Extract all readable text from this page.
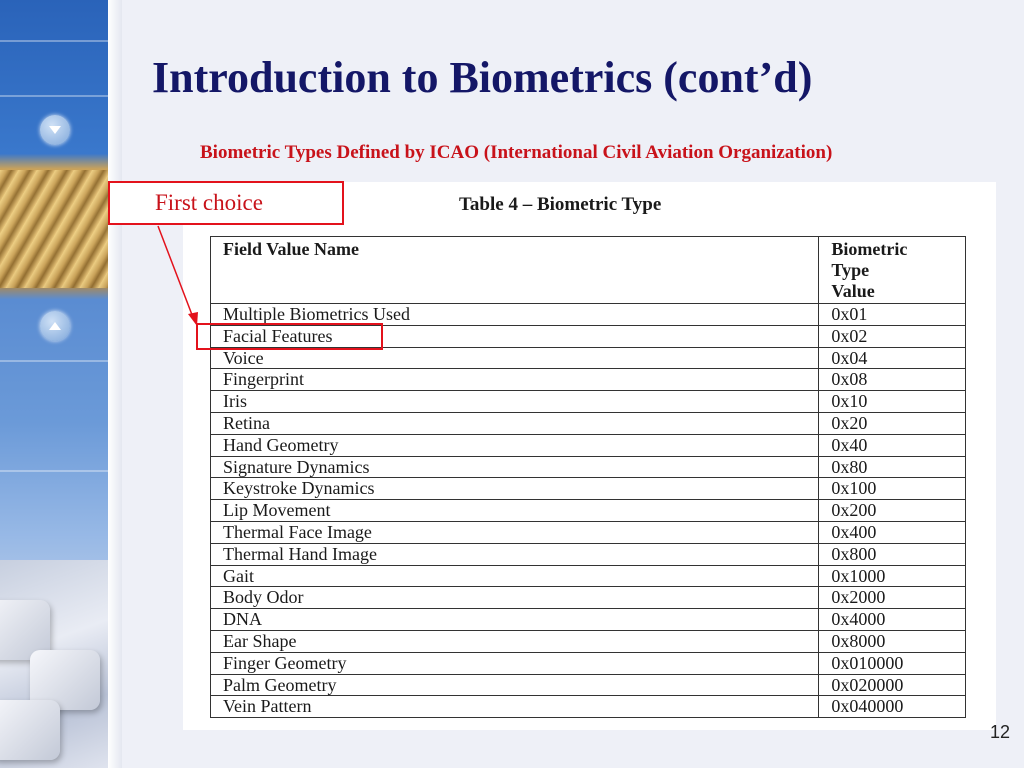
Introduction to Biometrics (cont’d)
Biometric Types Defined by ICAO (International Civil Aviation Organization)
Table 4 – Biometric Type
Field Value Name	Biometric
Type
Value

Multiple Biometrics Used	0x01
Facial Features	0x02
Voice	0x04
Fingerprint	0x08
Iris	0x10
Retina	0x20
Hand Geometry	0x40
Signature Dynamics	0x80
Keystroke Dynamics	0x100
Lip Movement	0x200
Thermal Face Image	0x400
Thermal Hand Image	0x800
Gait	0x1000
Body Odor	0x2000
DNA	0x4000
Ear Shape	0x8000
Finger Geometry	0x010000
Palm Geometry	0x020000
Vein Pattern	0x040000
First choice
12
